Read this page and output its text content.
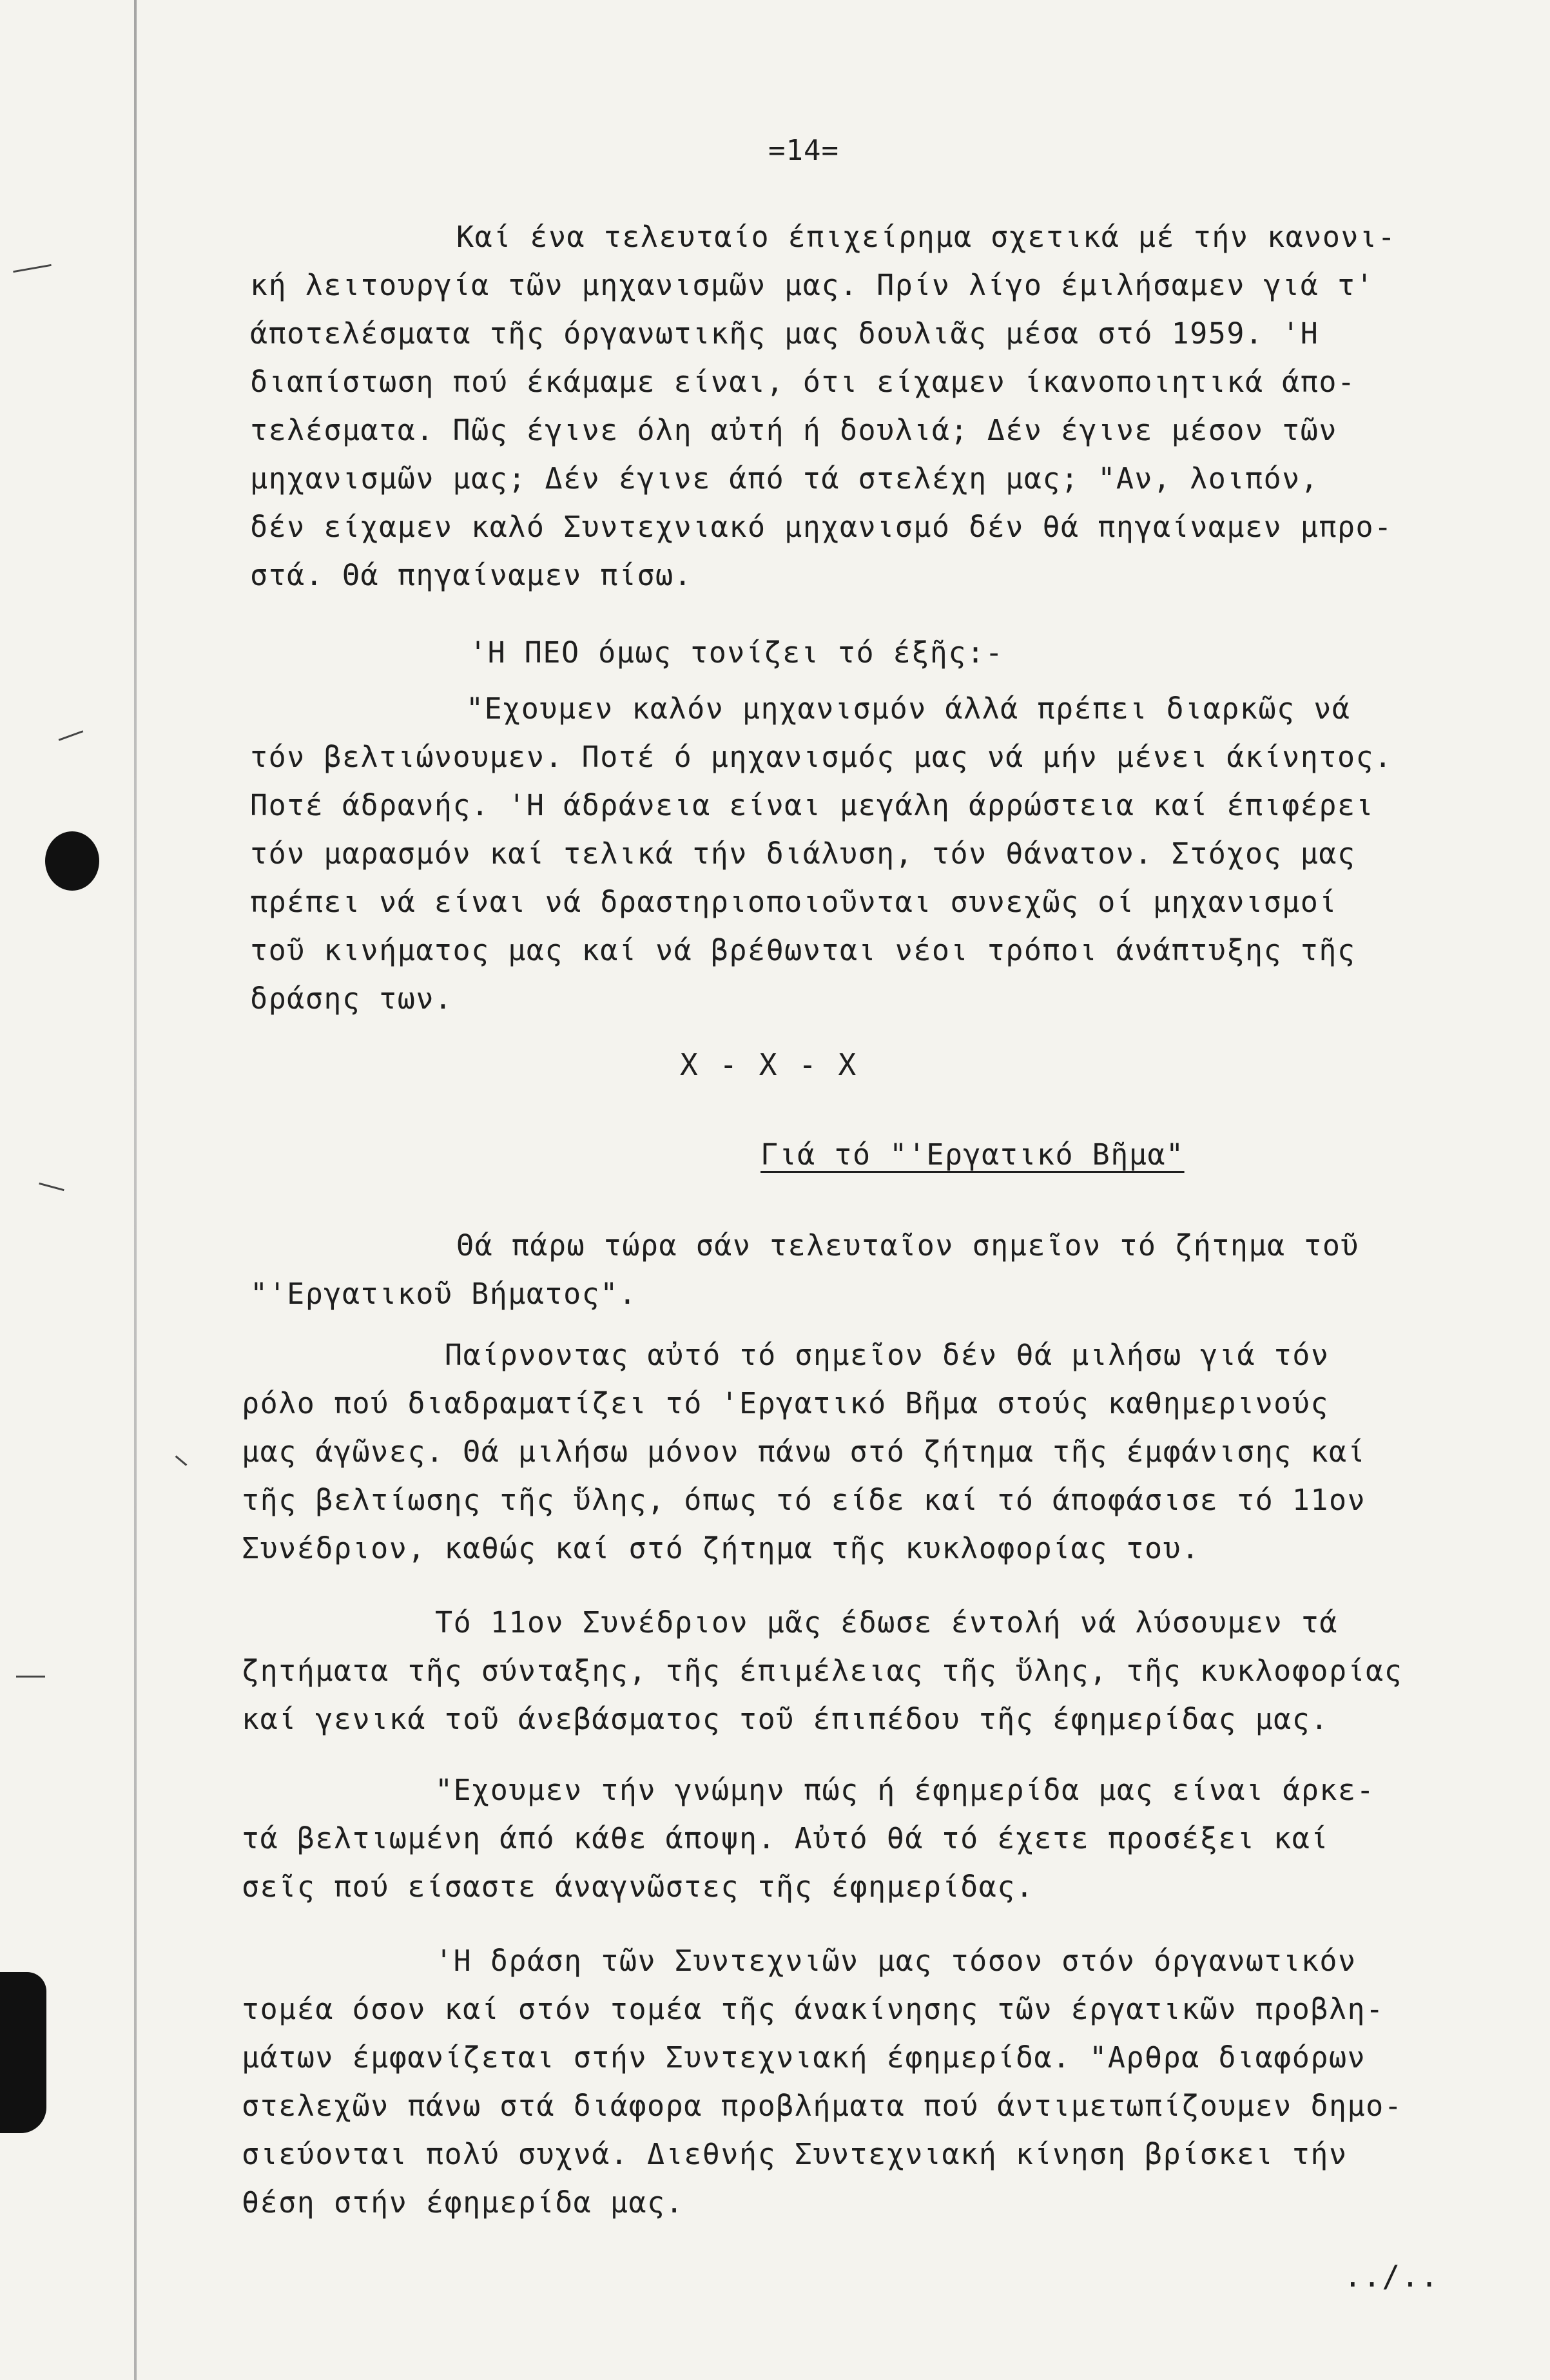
=14=
Καί ένα τελευταίο έπιχείρημα σχετικά μέ τήν κανονι-
κή λειτουργία τῶν μηχανισμῶν μας. Πρίν λίγο έμιλήσαμεν γιά τ'
άποτελέσματα τῆς όργανωτικῆς μας δουλιᾶς μέσα στό 1959. 'Η
διαπίστωση πού έκάμαμε είναι, ότι είχαμεν ίκανοποιητικά άπο-
τελέσματα. Πῶς έγινε όλη αὐτή ή δουλιά; Δέν έγινε μέσον τῶν
μηχανισμῶν μας; Δέν έγινε άπό τά στελέχη μας; "Αν, λοιπόν,
δέν είχαμεν καλό Συντεχνιακό μηχανισμό δέν θά πηγαίναμεν μπρο-
στά. Θά πηγαίναμεν πίσω.
'Η ΠΕΟ όμως τονίζει τό έξῆς:-
"Εχουμεν καλόν μηχανισμόν άλλά πρέπει διαρκῶς νά
τόν βελτιώνουμεν. Ποτέ ό μηχανισμός μας νά μήν μένει άκίνητος.
Ποτέ άδρανής. 'Η άδράνεια είναι μεγάλη άρρώστεια καί έπιφέρει
τόν μαρασμόν καί τελικά τήν διάλυση, τόν θάνατον. Στόχος μας
πρέπει νά είναι νά δραστηριοποιοῦνται συνεχῶς οί μηχανισμοί
τοῦ κινήματος μας καί νά βρέθωνται νέοι τρόποι άνάπτυξης τῆς
δράσης των.
X - X - X
Γιά τό "'Εργατικό Βῆμα"
Θά πάρω τώρα σάν τελευταῖον σημεῖον τό ζήτημα τοῦ
"'Εργατικοῦ Βήματος".
Παίρνοντας αὐτό τό σημεῖον δέν θά μιλήσω γιά τόν
ρόλο πού διαδραματίζει τό 'Εργατικό Βῆμα στούς καθημερινούς
μας άγῶνες. Θά μιλήσω μόνον πάνω στό ζήτημα τῆς έμφάνισης καί
τῆς βελτίωσης τῆς ὕλης, όπως τό είδε καί τό άποφάσισε τό 11ον
Συνέδριον, καθώς καί στό ζήτημα τῆς κυκλοφορίας του.
Τό 11ον Συνέδριον μᾶς έδωσε έντολή νά λύσουμεν τά
ζητήματα τῆς σύνταξης, τῆς έπιμέλειας τῆς ὕλης, τῆς κυκλοφορίας
καί γενικά τοῦ άνεβάσματος τοῦ έπιπέδου τῆς έφημερίδας μας.
"Εχουμεν τήν γνώμην πώς ή έφημερίδα μας είναι άρκε-
τά βελτιωμένη άπό κάθε άποψη. Αὐτό θά τό έχετε προσέξει καί
σεῖς πού είσαστε άναγνῶστες τῆς έφημερίδας.
'Η δράση τῶν Συντεχνιῶν μας τόσον στόν όργανωτικόν
τομέα όσον καί στόν τομέα τῆς άνακίνησης τῶν έργατικῶν προβλη-
μάτων έμφανίζεται στήν Συντεχνιακή έφημερίδα. "Αρθρα διαφόρων
στελεχῶν πάνω στά διάφορα προβλήματα πού άντιμετωπίζουμεν δημο-
σιεύονται πολύ συχνά. Διεθνής Συντεχνιακή κίνηση βρίσκει τήν
θέση στήν έφημερίδα μας.
../..
